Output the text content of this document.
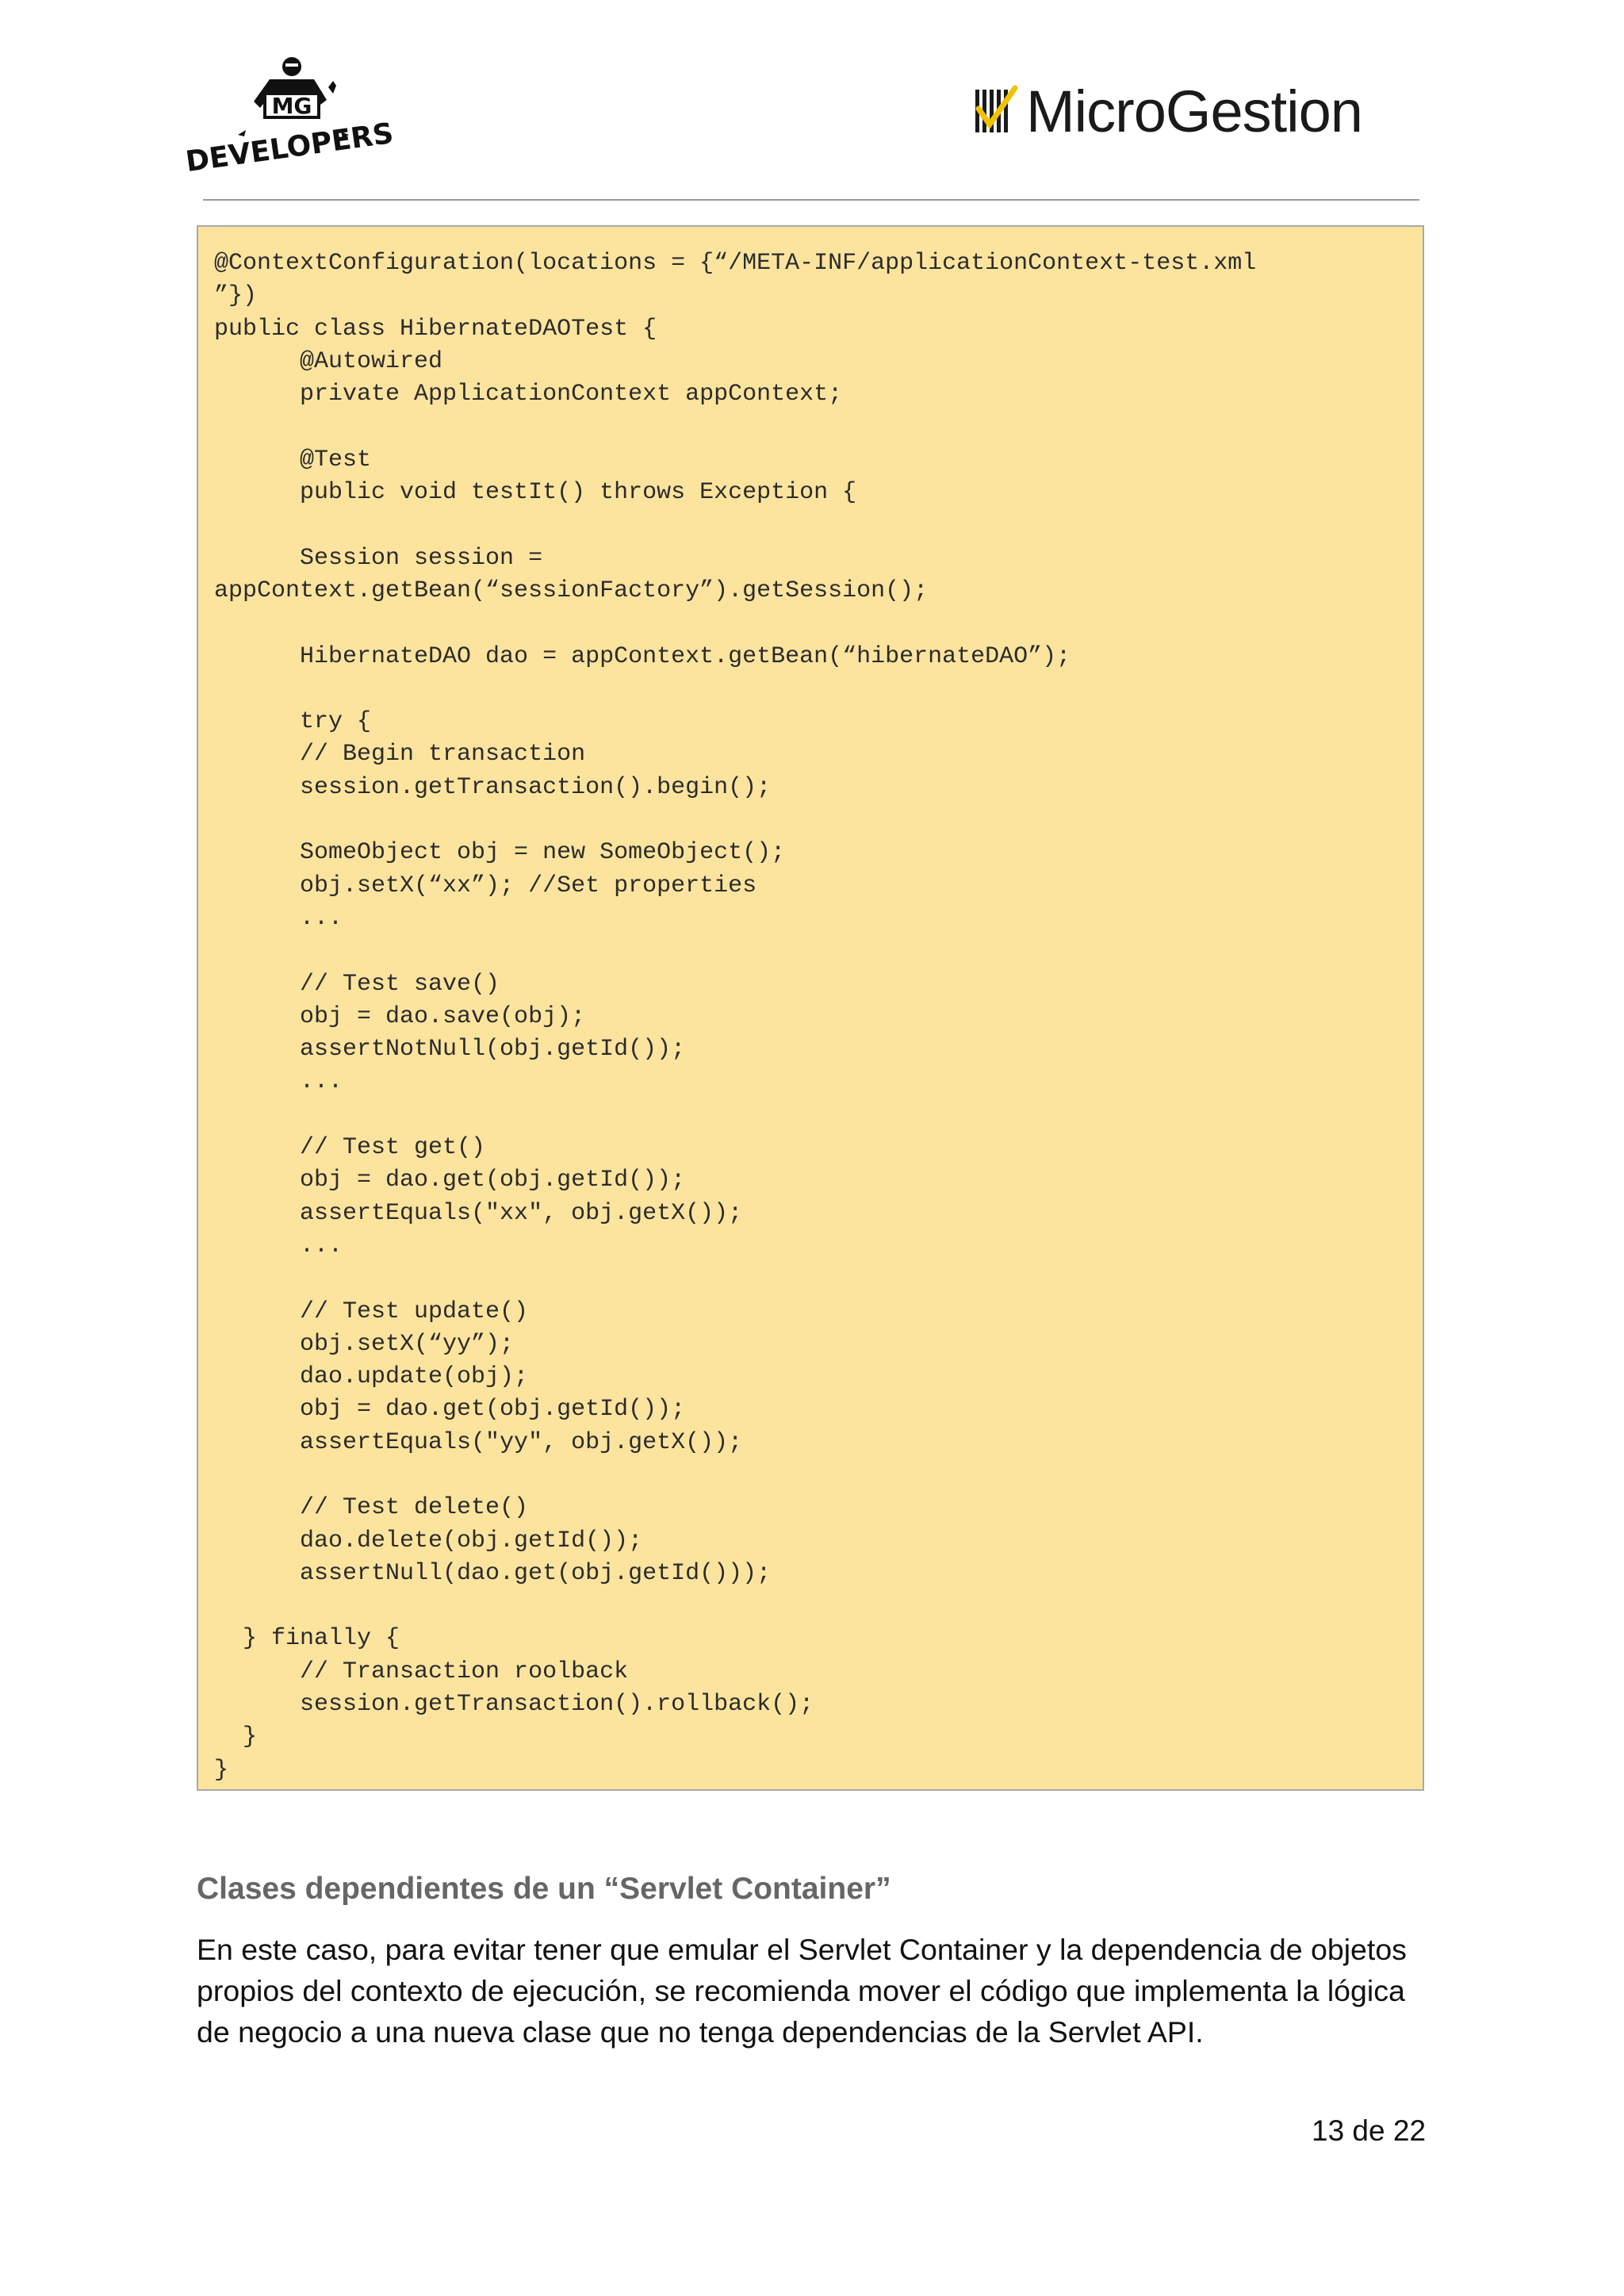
MG
DEVELOPERS
MicroGestion
@ContextConfiguration(locations = {“/META-INF/applicationContext-test.xml
”})
public class HibernateDAOTest {
@Autowired
private ApplicationContext appContext;

@Test
public void testIt() throws Exception {

Session session =
appContext.getBean(“sessionFactory”).getSession();

HibernateDAO dao = appContext.getBean(“hibernateDAO”);

try {
// Begin transaction
session.getTransaction().begin();

SomeObject obj = new SomeObject();
obj.setX(“xx”); //Set properties
...

// Test save()
obj = dao.save(obj);
assertNotNull(obj.getId());
...

// Test get()
obj = dao.get(obj.getId());
assertEquals("xx", obj.getX());
...

// Test update()
obj.setX(“yy”);
dao.update(obj);
obj = dao.get(obj.getId());
assertEquals("yy", obj.getX());

// Test delete()
dao.delete(obj.getId());
assertNull(dao.get(obj.getId()));

} finally {
// Transaction roolback
session.getTransaction().rollback();
}
}
Clases dependientes de un “Servlet Container”
En este caso, para evitar tener que emular el Servlet Container y la dependencia de objetos
propios del contexto de ejecución, se recomienda mover el código que implementa la lógica
de negocio a una nueva clase que no tenga dependencias de la Servlet API.
13 de 22
